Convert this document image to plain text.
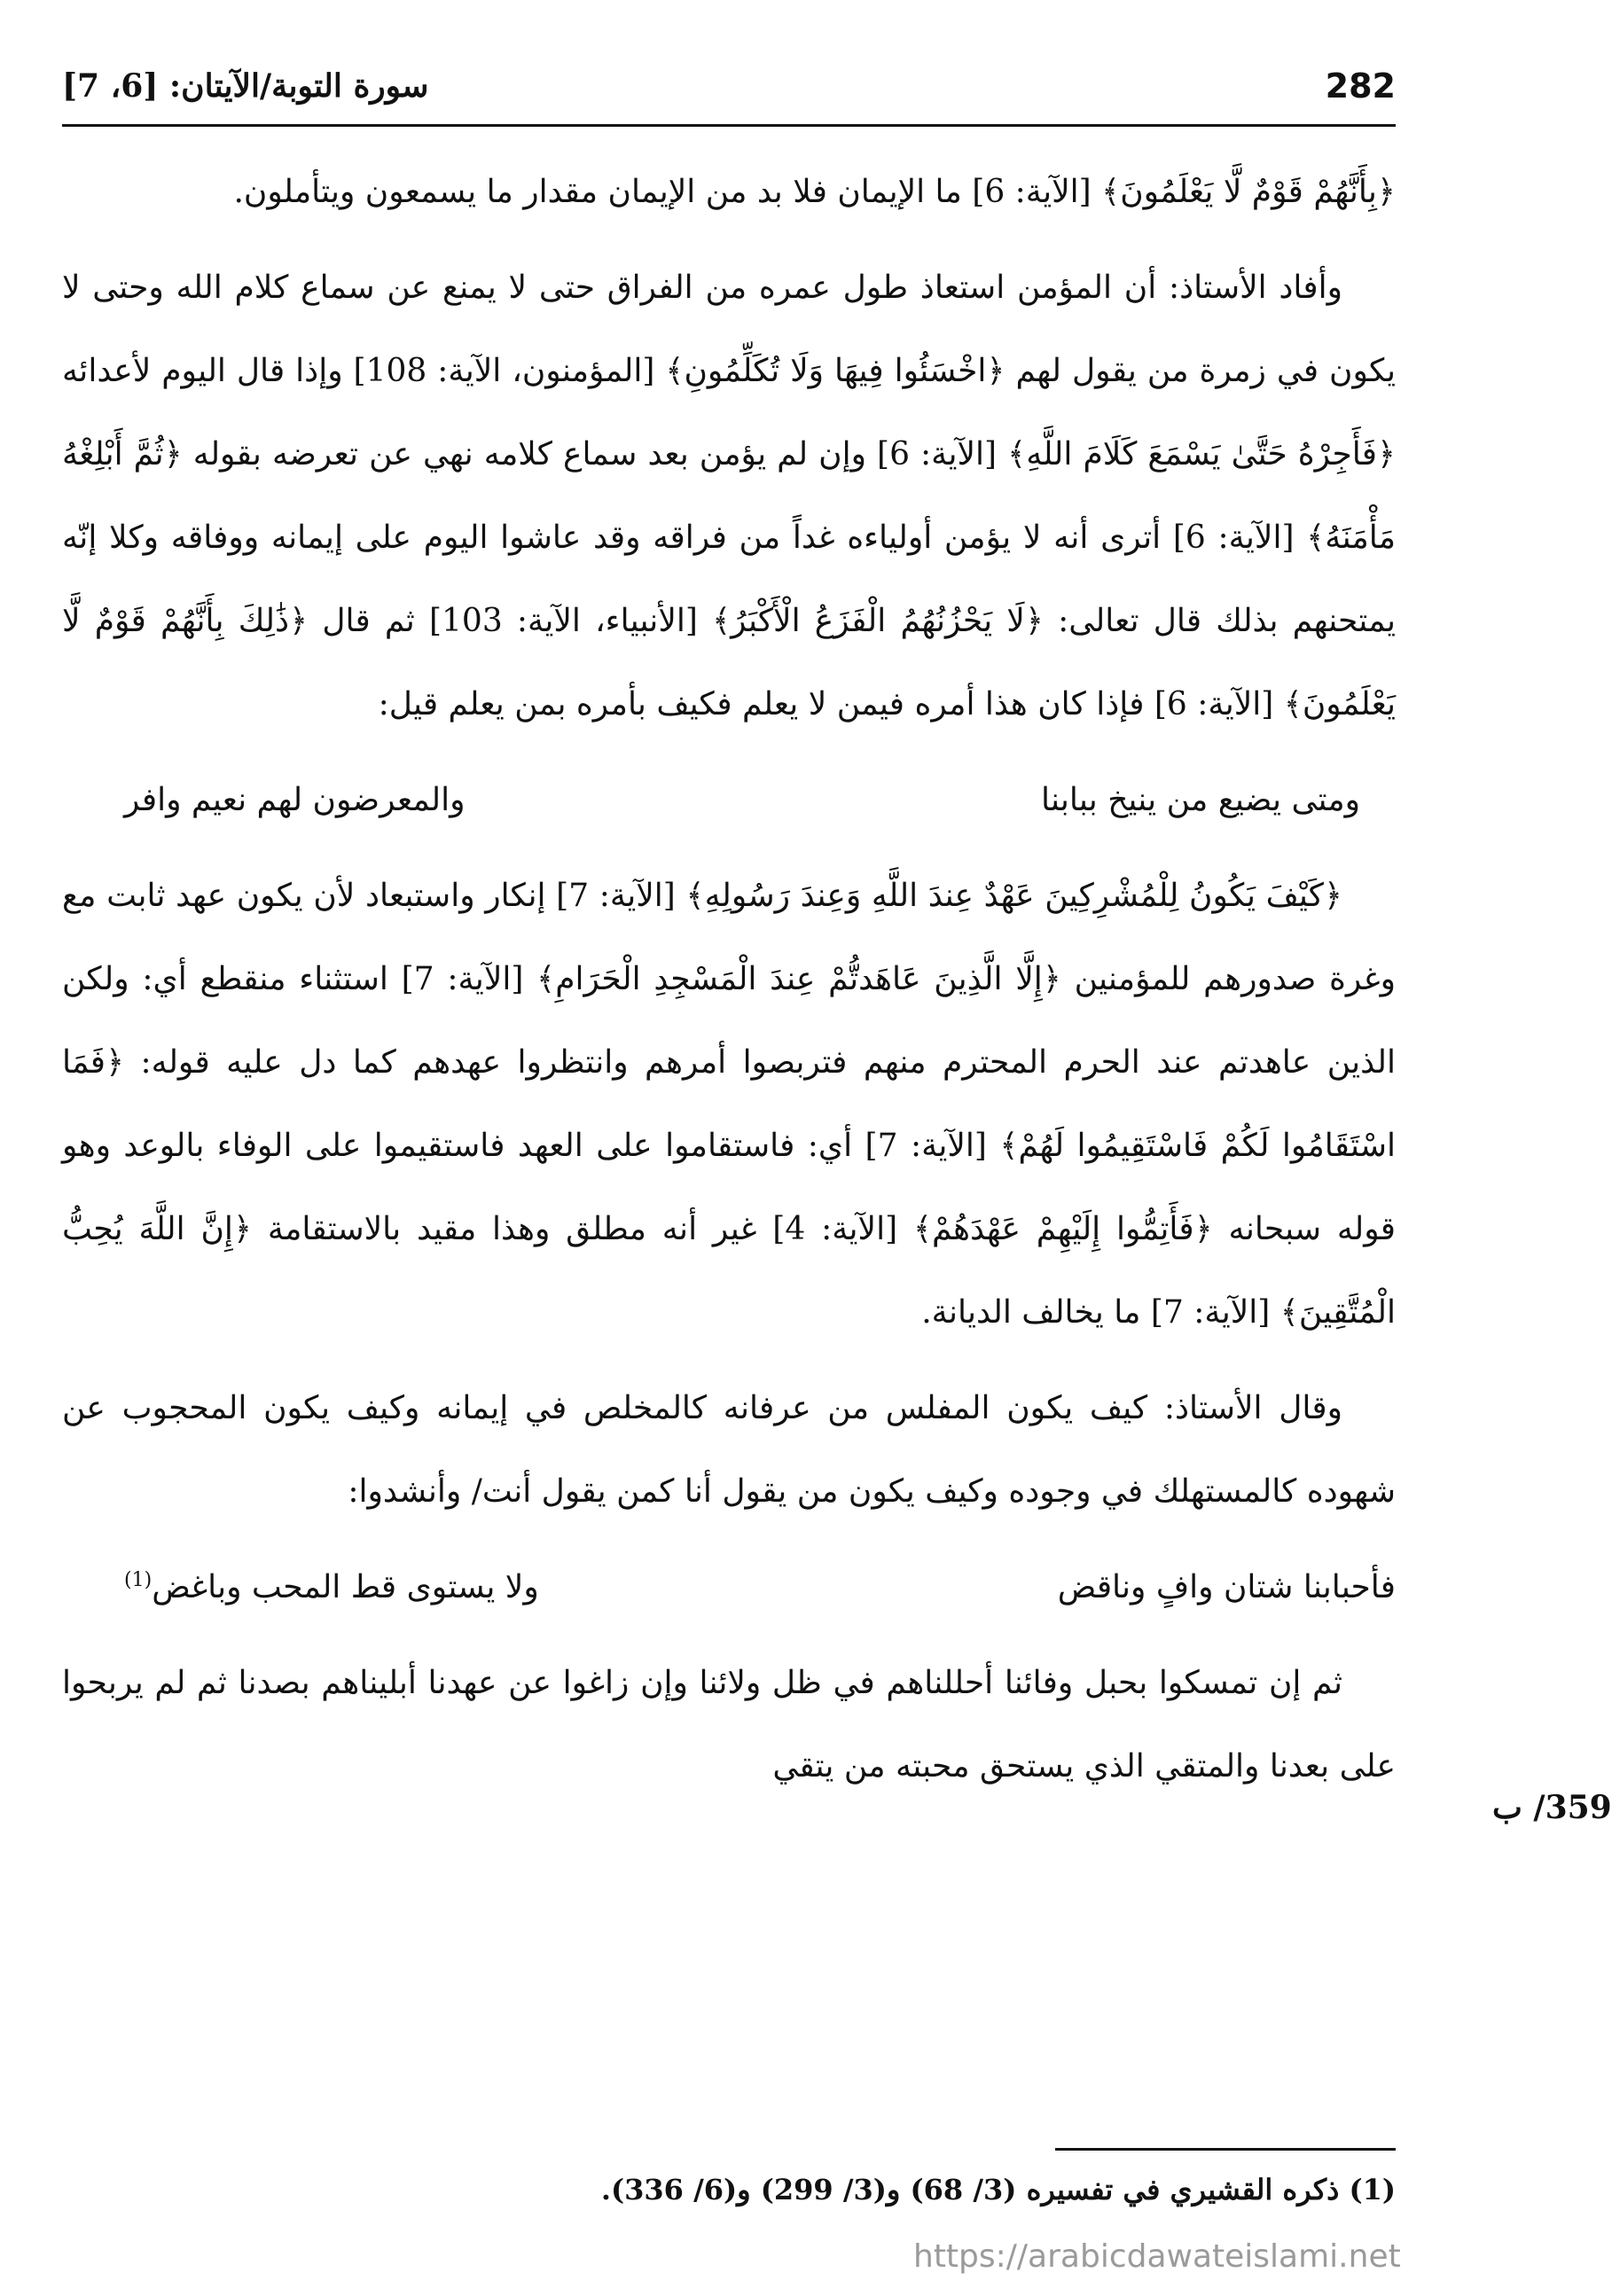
282
سورة التوبة/الآيتان: [6، 7]

﴿بِأَنَّهُمْ قَوْمٌ لَّا يَعْلَمُونَ﴾ [الآية: 6] ما الإيمان فلا بد من الإيمان مقدار ما يسمعون ويتأملون.

وأفاد الأستاذ: أن المؤمن استعاذ طول عمره من الفراق حتى لا يمنع عن سماع كلام الله وحتى لا يكون في زمرة من يقول لهم ﴿اخْسَئُوا فِيهَا وَلَا تُكَلِّمُونِ﴾ [المؤمنون، الآية: 108] وإذا قال اليوم لأعدائه ﴿فَأَجِرْهُ حَتَّىٰ يَسْمَعَ كَلَامَ اللَّهِ﴾ [الآية: 6] وإن لم يؤمن بعد سماع كلامه نهي عن تعرضه بقوله ﴿ثُمَّ أَبْلِغْهُ مَأْمَنَهُ﴾ [الآية: 6] أترى أنه لا يؤمن أولياءه غداً من فراقه وقد عاشوا اليوم على إيمانه ووفاقه وكلا إنّه يمتحنهم بذلك قال تعالى: ﴿لَا يَحْزُنُهُمُ الْفَزَعُ الْأَكْبَرُ﴾ [الأنبياء، الآية: 103] ثم قال ﴿ذَٰلِكَ بِأَنَّهُمْ قَوْمٌ لَّا يَعْلَمُونَ﴾ [الآية: 6] فإذا كان هذا أمره فيمن لا يعلم فكيف بأمره بمن يعلم قيل:

ومتى يضيع من ينيخ ببابنا
والمعرضون لهم نعيم وافر

﴿كَيْفَ يَكُونُ لِلْمُشْرِكِينَ عَهْدٌ عِندَ اللَّهِ وَعِندَ رَسُولِهِ﴾ [الآية: 7] إنكار واستبعاد لأن يكون عهد ثابت مع وغرة صدورهم للمؤمنين ﴿إِلَّا الَّذِينَ عَاهَدتُّمْ عِندَ الْمَسْجِدِ الْحَرَامِ﴾ [الآية: 7] استثناء منقطع أي: ولكن الذين عاهدتم عند الحرم المحترم منهم فتربصوا أمرهم وانتظروا عهدهم كما دل عليه قوله: ﴿فَمَا اسْتَقَامُوا لَكُمْ فَاسْتَقِيمُوا لَهُمْ﴾ [الآية: 7] أي: فاستقاموا على العهد فاستقيموا على الوفاء بالوعد وهو قوله سبحانه ﴿فَأَتِمُّوا إِلَيْهِمْ عَهْدَهُمْ﴾ [الآية: 4] غير أنه مطلق وهذا مقيد بالاستقامة ﴿إِنَّ اللَّهَ يُحِبُّ الْمُتَّقِينَ﴾ [الآية: 7] ما يخالف الديانة.

وقال الأستاذ: كيف يكون المفلس من عرفانه كالمخلص في إيمانه وكيف يكون المحجوب عن شهوده كالمستهلك في وجوده وكيف يكون من يقول أنا كمن يقول أنت/ وأنشدوا:

فأحبابنا شتان وافٍ وناقض
ولا يستوى قط المحب وباغض$^{(1)}$

ثم إن تمسكوا بحبل وفائنا أحللناهم في ظل ولائنا وإن زاغوا عن عهدنا أبليناهم بصدنا ثم لم يربحوا على بعدنا والمتقي الذي يستحق محبته من يتقي

359/ ب
(1) ذكره القشيري في تفسيره (3/ 68) و(3/ 299) و(6/ 336).
https://arabicdawateislami.net
